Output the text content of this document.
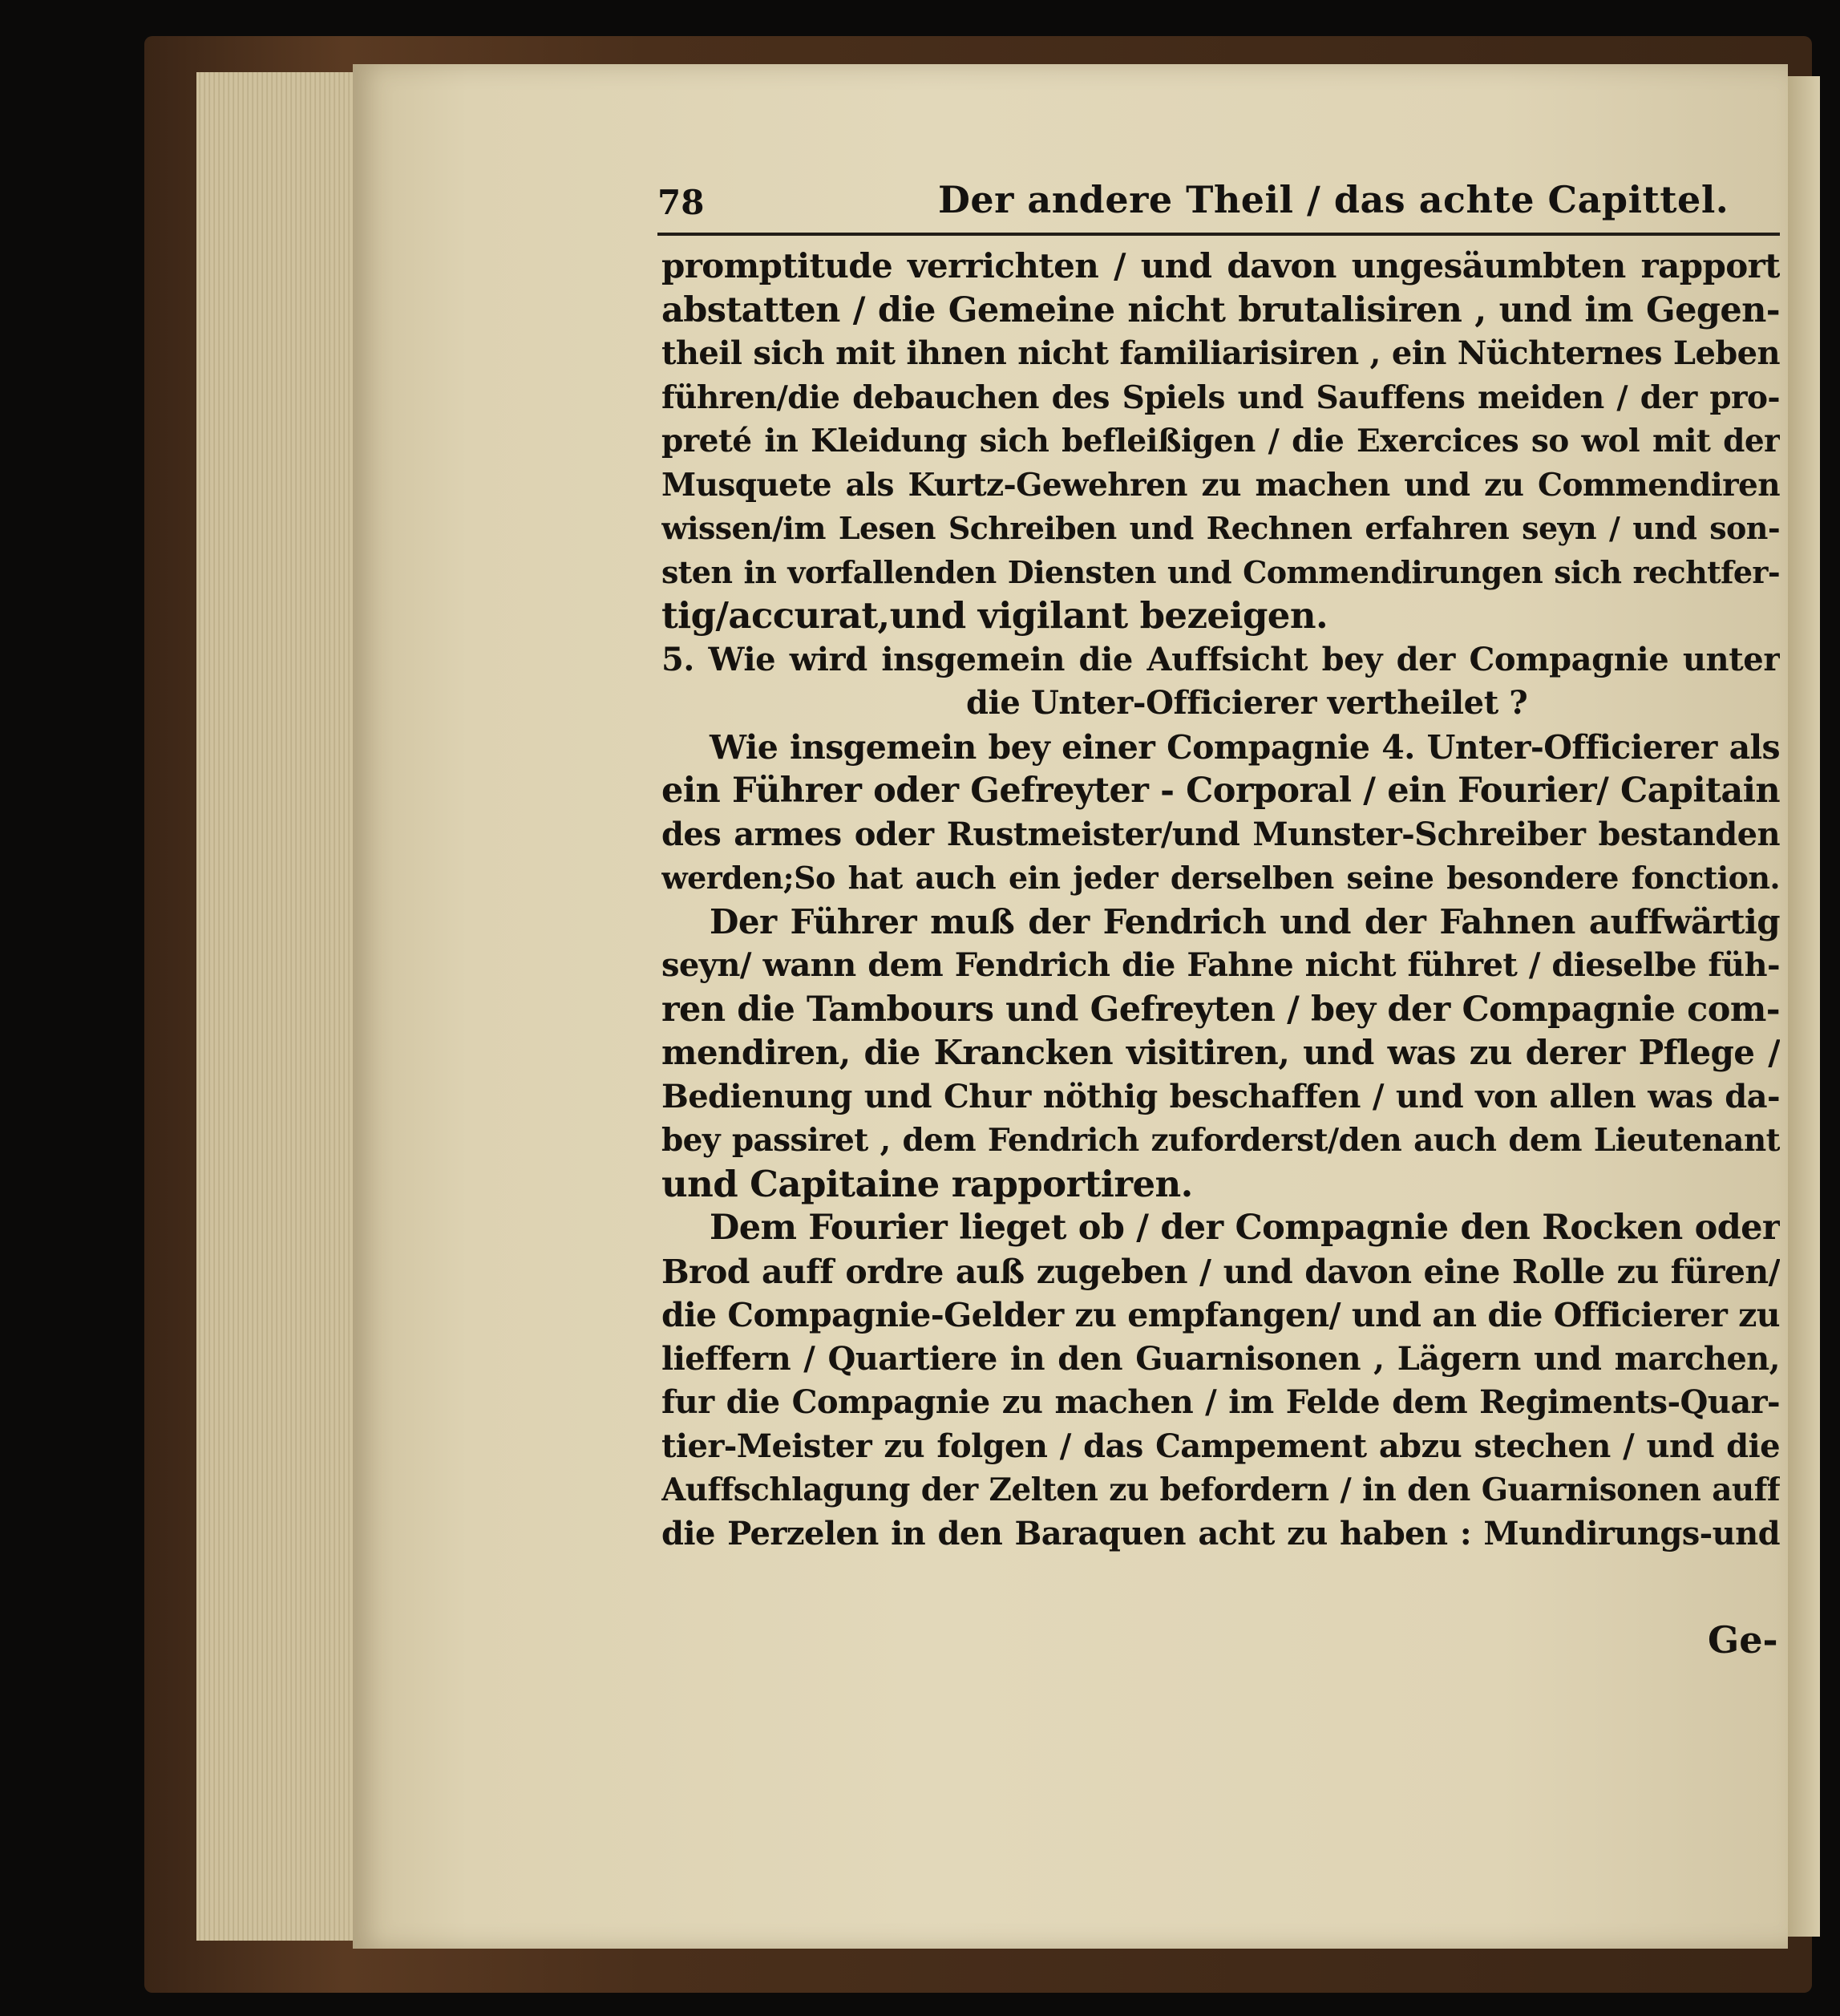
78	Der andere Theil / das achte Capittel.
promptitude verrichten / und davon ungesäumbten rapport
abstatten / die Gemeine nicht brutalisiren , und im Gegen-
theil sich mit ihnen nicht familiarisiren , ein Nüchternes Leben
führen/die debauchen des Spiels und Sauffens meiden / der pro-
preté in Kleidung sich befleißigen / die Exercices so wol mit der
Musquete als Kurtz-Gewehren zu machen und zu Commendiren
wissen/im Lesen Schreiben und Rechnen erfahren seyn / und son-
sten in vorfallenden Diensten und Commendirungen sich rechtfer-
tig/accurat,und vigilant bezeigen.
5. Wie wird insgemein die Auffsicht bey der Compagnie unter
die Unter-Officierer vertheilet ?
Wie insgemein bey einer Compagnie 4. Unter-Officierer als
ein Führer oder Gefreyter - Corporal / ein Fourier/ Capitain
des armes oder Rustmeister/und Munster-Schreiber bestanden
werden;So hat auch ein jeder derselben seine besondere fonction.
Der Führer muß der Fendrich und der Fahnen auffwärtig
seyn/ wann dem Fendrich die Fahne nicht führet / dieselbe füh-
ren die Tambours und Gefreyten / bey der Compagnie com-
mendiren, die Krancken visitiren, und was zu derer Pflege /
Bedienung und Chur nöthig beschaffen / und von allen was da-
bey passiret , dem Fendrich zuforderst/den auch dem Lieutenant
und Capitaine rapportiren.
Dem Fourier lieget ob / der Compagnie den Rocken oder
Brod auff ordre auß zugeben / und davon eine Rolle zu füren/
die Compagnie-Gelder zu empfangen/ und an die Officierer zu
lieffern / Quartiere in den Guarnisonen , Lägern und marchen,
fur die Compagnie zu machen / im Felde dem Regiments-Quar-
tier-Meister zu folgen / das Campement abzu stechen / und die
Auffschlagung der Zelten zu befordern / in den Guarnisonen auff
die Perzelen in den Baraquen acht zu haben : Mundirungs-und
Ge-
